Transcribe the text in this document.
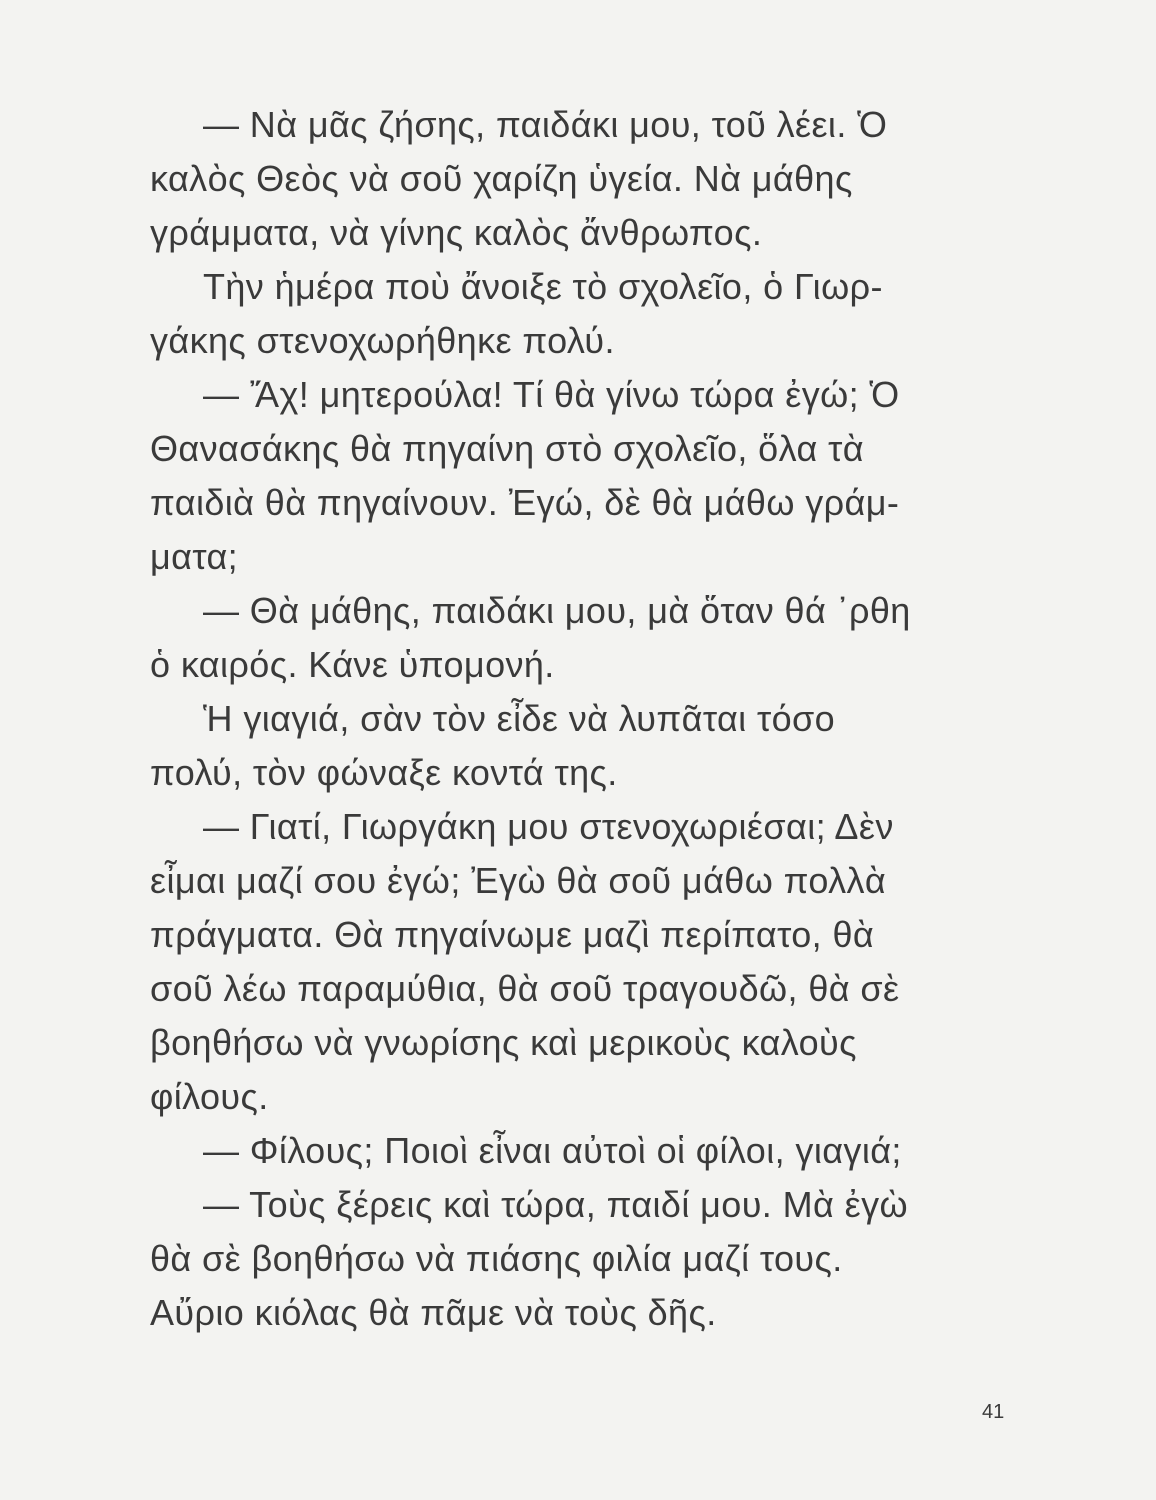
— Νὰ μᾶς ζήσης, παιδάκι μου, τοῦ λέει. Ὁ
καλὸς Θεὸς νὰ σοῦ χαρίζη ὑγεία. Νὰ μάθης
γράμματα, νὰ γίνης καλὸς ἄνθρωπος.
Τὴν ἡμέρα ποὺ ἄνοιξε τὸ σχολεῖο, ὁ Γιωρ-
γάκης στενοχωρήθηκε πολύ.
— Ἄχ! μητερούλα! Τί θὰ γίνω τώρα ἐγώ; Ὁ
Θανασάκης θὰ πηγαίνη στὸ σχολεῖο, ὅλα τὰ
παιδιὰ θὰ πηγαίνουν. Ἐγώ, δὲ θὰ μάθω γράμ-
ματα;
— Θὰ μάθης, παιδάκι μου, μὰ ὅταν θά ᾽ρθη
ὁ καιρός. Κάνε ὑπομονή.
Ἡ γιαγιά, σὰν τὸν εἶδε νὰ λυπᾶται τόσο
πολύ, τὸν φώναξε κοντά της.
— Γιατί, Γιωργάκη μου στενοχωριέσαι; Δὲν
εἶμαι μαζί σου ἐγώ; Ἐγὼ θὰ σοῦ μάθω πολλὰ
πράγματα. Θὰ πηγαίνωμε μαζὶ περίπατο, θὰ
σοῦ λέω παραμύθια, θὰ σοῦ τραγουδῶ, θὰ σὲ
βοηθήσω νὰ γνωρίσης καὶ μερικοὺς καλοὺς
φίλους.
— Φίλους; Ποιοὶ εἶναι αὐτοὶ οἱ φίλοι, γιαγιά;
— Τοὺς ξέρεις καὶ τώρα, παιδί μου. Μὰ ἐγὼ
θὰ σὲ βοηθήσω νὰ πιάσης φιλία μαζί τους.
Αὔριο κιόλας θὰ πᾶμε νὰ τοὺς δῆς.
41
